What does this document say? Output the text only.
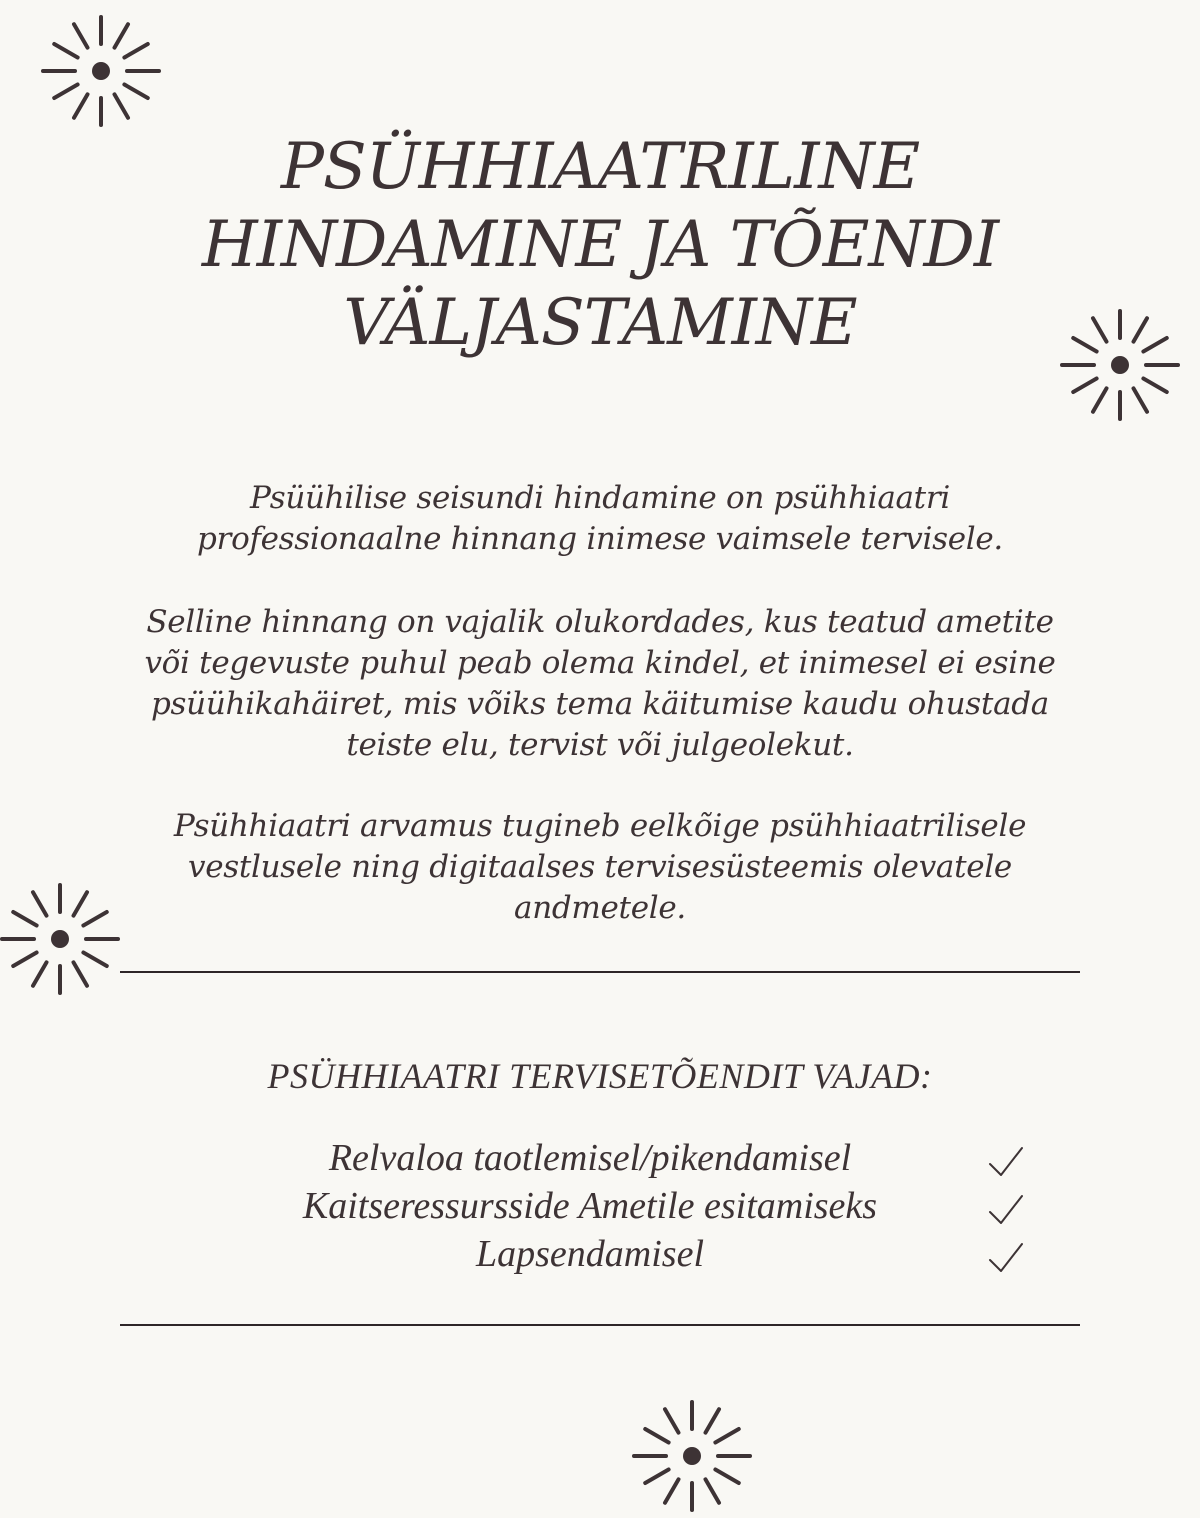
PSÜHHIAATRILINE
HINDAMINE JA TÕENDI
VÄLJASTAMINE

Psüühilise seisundi hindamine on psühhiaatri
professionaalne hinnang inimese vaimsele tervisele.

Selline hinnang on vajalik olukordades, kus teatud ametite
või tegevuste puhul peab olema kindel, et inimesel ei esine
psüühikahäiret, mis võiks tema käitumise kaudu ohustada
teiste elu, tervist või julgeolekut.

Psühhiaatri arvamus tugineb eelkõige psühhiaatrilisele
vestlusele ning digitaalses tervisesüsteemis olevatele
andmetele.

PSÜHHIAATRI TERVISETÕENDIT VAJAD:
Relvaloa taotlemisel/pikendamisel
Kaitseressursside Ametile esitamiseks
Lapsendamisel
